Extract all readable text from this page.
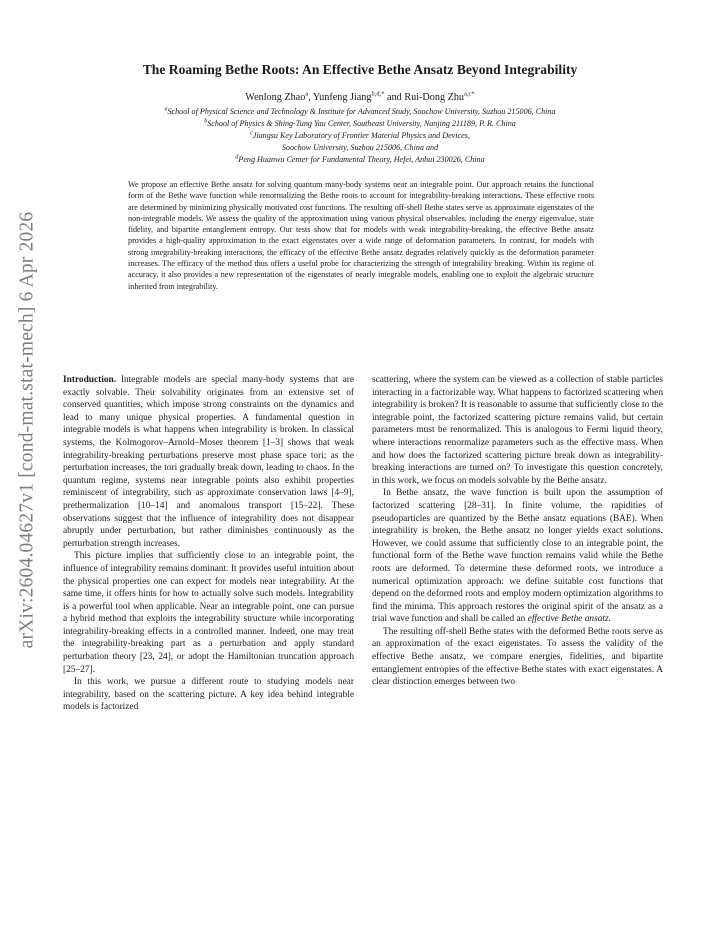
arXiv:2604.04627v1 [cond-mat.stat-mech] 6 Apr 2026
The Roaming Bethe Roots: An Effective Bethe Ansatz Beyond Integrability
Wenlong Zhao$^a$, Yunfeng Jiang$^{b,d,*}$ and Rui-Dong Zhu$^{a,c*}$
$^a$School of Physical Science and Technology & Institute for Advanced Study, Soochow University, Suzhou 215006, China
$^b$School of Physics & Shing-Tung Yau Center, Southeast University, Nanjing 211189, P. R. China
$^c$Jiangsu Key Laboratory of Frontier Material Physics and Devices,
Soochow University, Suzhou 215006, China and
$^d$Peng Huanwu Center for Fundamental Theory, Hefei, Anhui 230026, China
We propose an effective Bethe ansatz for solving quantum many-body systems near an integrable point. Our approach retains the functional form of the Bethe wave function while renormalizing the Bethe roots to account for integrability-breaking interactions. These effective roots are determined by minimizing physically motivated cost functions. The resulting off-shell Bethe states serve as approximate eigenstates of the non-integrable models. We assess the quality of the approximation using various physical observables, including the energy eigenvalue, state fidelity, and bipartite entanglement entropy. Our tests show that for models with weak integrability-breaking, the effective Bethe ansatz provides a high-quality approximation to the exact eigenstates over a wide range of deformation parameters. In contrast, for models with strong integrability-breaking interactions, the efficacy of the effective Bethe ansatz degrades relatively quickly as the deformation parameter increases. The efficacy of the method thus offers a useful probe for characterizing the strength of integrability breaking. Within its regime of accuracy, it also provides a new representation of the eigenstates of nearly integrable models, enabling one to exploit the algebraic structure inherited from integrability.

Introduction. Integrable models are special many-body systems that are exactly solvable. Their solvability originates from an extensive set of conserved quantities, which impose strong constraints on the dynamics and lead to many unique physical properties. A fundamental question in integrable models is what happens when integrability is broken. In classical systems, the Kolmogorov–Arnold–Moser theorem [1–3] shows that weak integrability-breaking perturbations preserve most phase space tori; as the perturbation increases, the tori gradually break down, leading to chaos. In the quantum regime, systems near integrable points also exhibit properties reminiscent of integrability, such as approximate conservation laws [4–9], prethermalization [10–14] and anomalous transport [15–22]. These observations suggest that the influence of integrability does not disappear abruptly under perturbation, but rather diminishes continuously as the perturbation strength increases.

This picture implies that sufficiently close to an integrable point, the influence of integrability remains dominant. It provides useful intuition about the physical properties one can expect for models near integrability. At the same time, it offers hints for how to actually solve such models. Integrability is a powerful tool when applicable. Near an integrable point, one can pursue a hybrid method that exploits the integrability structure while incorporating integrability-breaking effects in a controlled manner. Indeed, one may treat the integrability-breaking part as a perturbation and apply standard perturbation theory [23, 24], or adopt the Hamiltonian truncation approach [25–27].

In this work, we pursue a different route to studying models near integrability, based on the scattering picture. A key idea behind integrable models is factorized

scattering, where the system can be viewed as a collection of stable particles interacting in a factorizable way. What happens to factorized scattering when integrability is broken? It is reasonable to assume that sufficiently close to the integrable point, the factorized scattering picture remains valid, but certain parameters must be renormalized. This is analogous to Fermi liquid theory, where interactions renormalize parameters such as the effective mass. When and how does the factorized scattering picture break down as integrability-breaking interactions are turned on? To investigate this question concretely, in this work, we focus on models solvable by the Bethe ansatz.

In Bethe ansatz, the wave function is built upon the assumption of factorized scattering [28–31]. In finite volume, the rapidities of pseudoparticles are quantized by the Bethe ansatz equations (BAE). When integrability is broken, the Bethe ansatz no longer yields exact solutions. However, we could assume that sufficiently close to an integrable point, the functional form of the Bethe wave function remains valid while the Bethe roots are deformed. To determine these deformed roots, we introduce a numerical optimization approach: we define suitable cost functions that depend on the deformed roots and employ modern optimization algorithms to find the minima. This approach restores the original spirit of the ansatz as a trial wave function and shall be called an effective Bethe ansatz.

The resulting off-shell Bethe states with the deformed Bethe roots serve as an approximation of the exact eigenstates. To assess the validity of the effective Bethe ansatz, we compare energies, fidelities, and bipartite entanglement entropies of the effective Bethe states with exact eigenstates. A clear distinction emerges between two
